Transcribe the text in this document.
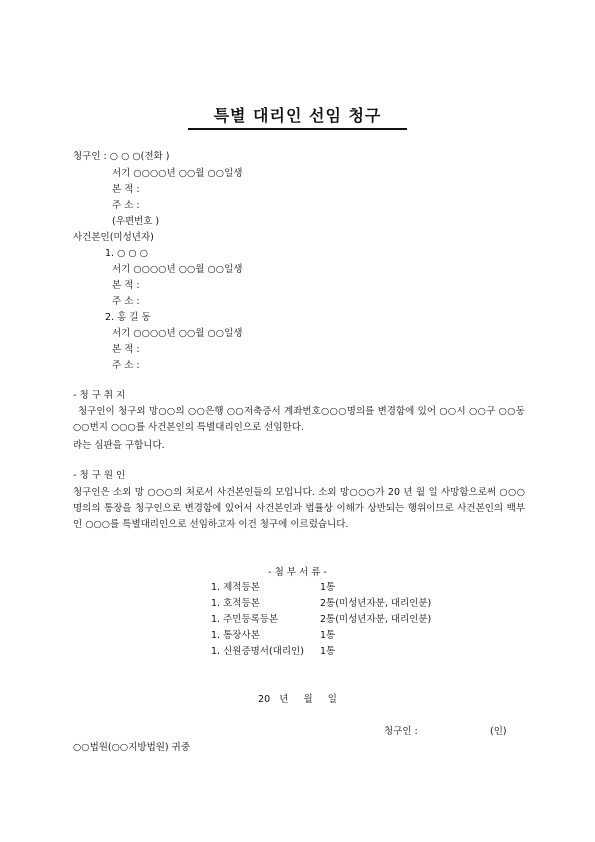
특별 대리인 선임 청구
청구인 : ○ ○ ○(전화 )
서기 ○○○○년 ○○월 ○○일생
본 적 :
주 소 :
(우편번호 )
사건본인(미성년자)
1. ○ ○ ○
서기 ○○○○년 ○○월 ○○일생
본 적 :
주 소 :
2. 홍 길 동
서기 ○○○○년 ○○월 ○○일생
본 적 :
주 소 :
- 청 구 취 지
청구인이 청구외 망○○의 ○○은행 ○○저축증서 계좌번호○○○명의를 변경함에 있어 ○○시 ○○구 ○○동 ○○번지 ○○○를 사건본인의 특별대리인으로 선임한다.
라는 심판을 구합니다.
- 청 구 원 인
청구인은 소외 망 ○○○의 처로서 사건본인들의 모입니다. 소외 망○○○가 20 년 월 일 사망함으로써 ○○○명의의 통장을 청구인으로 변경함에 있어서 사건본인과 법률상 이해가 상반되는 행위이므로 사건본인의 백부인 ○○○를 특별대리인으로 선임하고자 이건 청구에 이르렀습니다.
- 첨 부 서 류 -
1. 제적등본	1통
1. 호적등본	2통(미성년자분, 대리인분)
1. 주민등록등본	2통(미성년자분, 대리인분)
1. 통장사본	1통
1. 신원증명서(대리인) 1통
20   년     월     일
청구인 :	(인)
○○법원(○○지방법원) 귀중
